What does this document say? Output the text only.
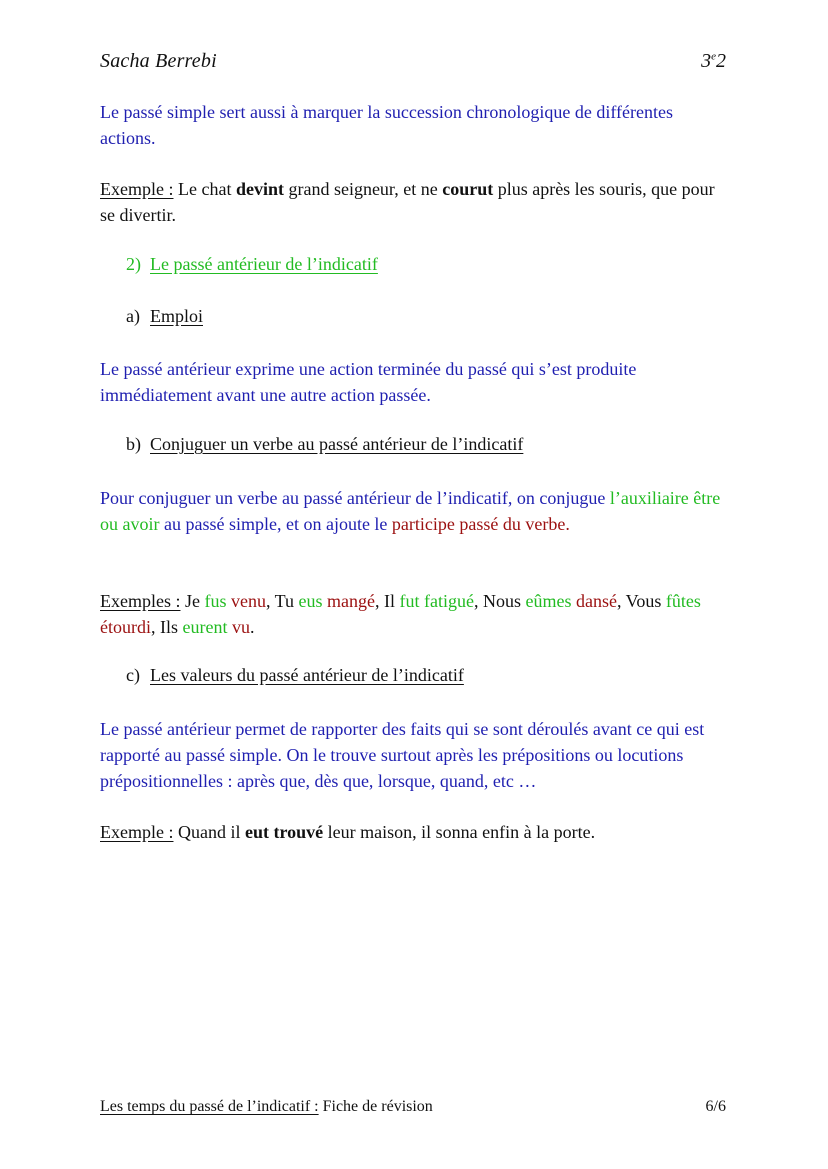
Sacha Berrebi	3e2
Le passé simple sert aussi à marquer la succession chronologique de différentes actions.
Exemple : Le chat devint grand seigneur, et ne courut plus après les souris, que pour se divertir.
2) Le passé antérieur de l’indicatif
a) Emploi
Le passé antérieur exprime une action terminée du passé qui s’est produite immédiatement avant une autre action passée.
b) Conjuguer un verbe au passé antérieur de l’indicatif
Pour conjuguer un verbe au passé antérieur de l’indicatif, on conjugue l’auxiliaire être ou avoir au passé simple, et on ajoute le participe passé du verbe.
Exemples : Je fus venu, Tu eus mangé, Il fut fatigué, Nous eûmes dansé, Vous fûtes étourdi, Ils eurent vu.
c) Les valeurs du passé antérieur de l’indicatif
Le passé antérieur permet de rapporter des faits qui se sont déroulés avant ce qui est rapporté au passé simple. On le trouve surtout après les prépositions ou locutions prépositionnelles : après que, dès que, lorsque, quand, etc …
Exemple : Quand il eut trouvé leur maison, il sonna enfin à la porte.
Les temps du passé de l’indicatif : Fiche de révision	6/6
